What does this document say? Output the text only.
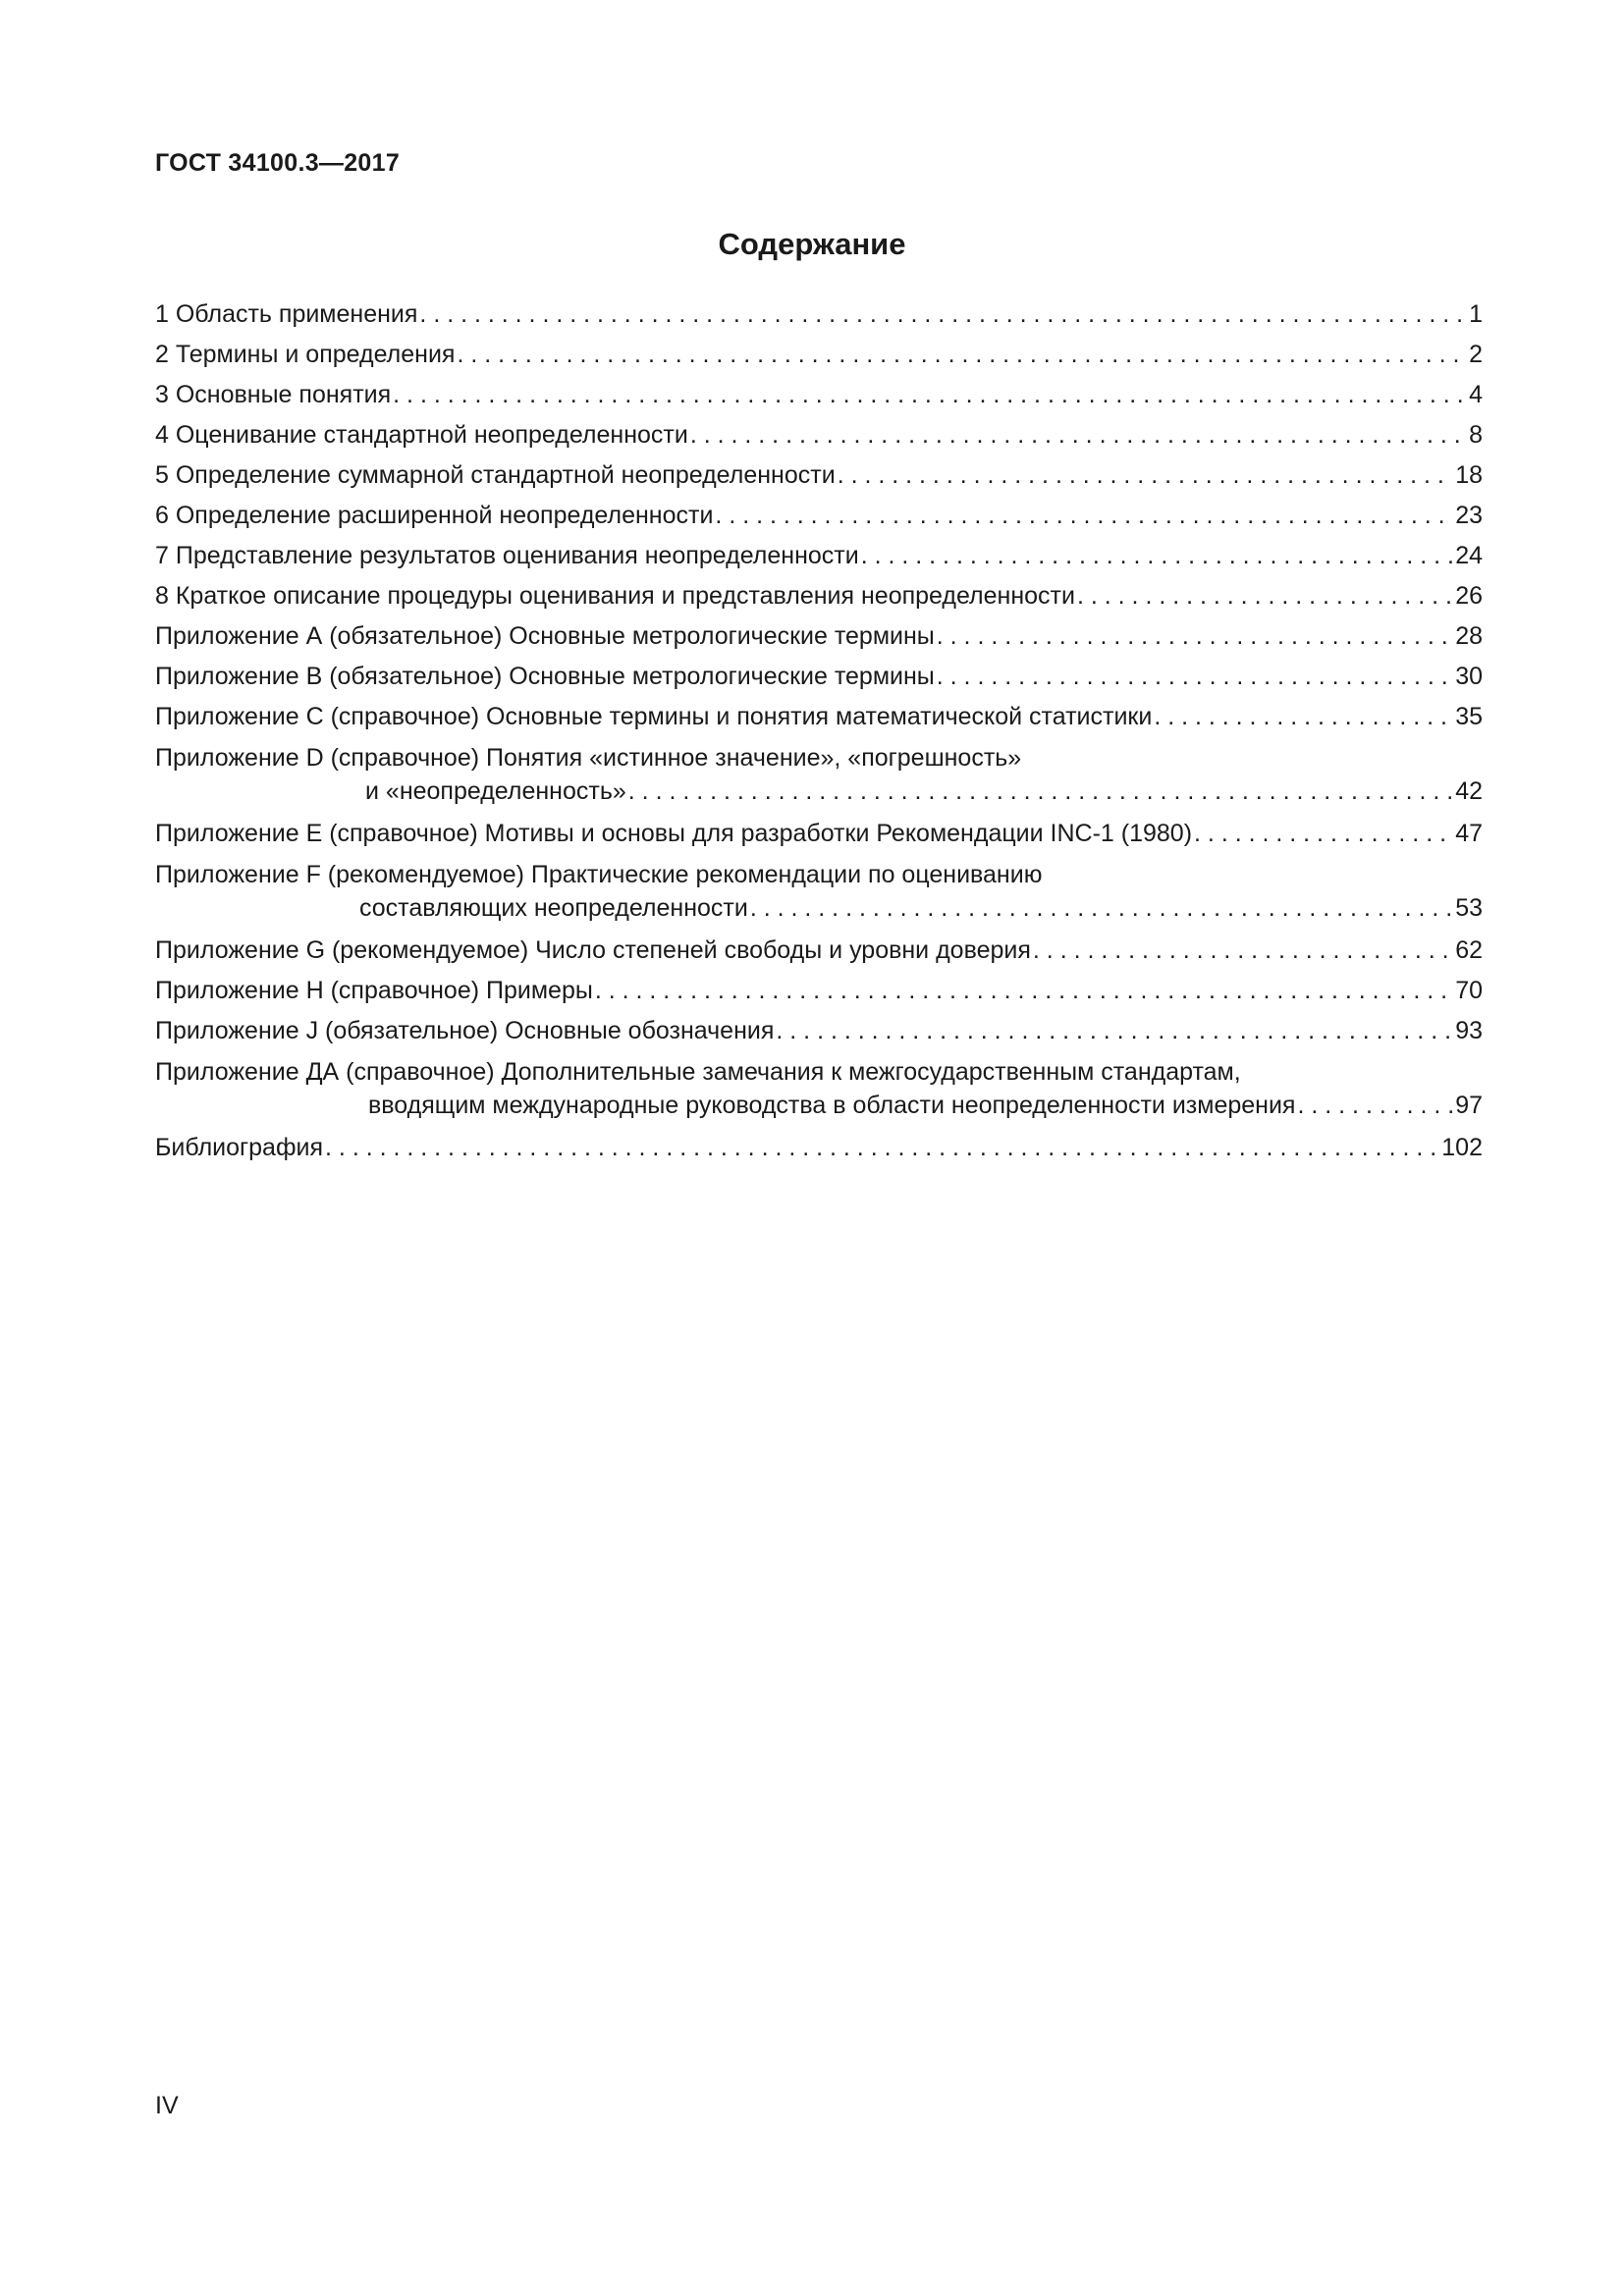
ГОСТ 34100.3—2017
Содержание
1 Область применения . . .	1
2 Термины и определения . . .	2
3 Основные понятия . . .	4
4 Оценивание стандартной неопределенности . . .	8
5 Определение суммарной стандартной неопределенности . . .	18
6 Определение расширенной неопределенности . . .	23
7 Представление результатов оценивания неопределенности . . .	24
8 Краткое описание процедуры оценивания и представления неопределенности . . .	26
Приложение А (обязательное) Основные метрологические термины . . .	28
Приложение В (обязательное) Основные метрологические термины . . .	30
Приложение С (справочное) Основные термины и понятия математической статистики . . .	35
Приложение D (справочное) Понятия «истинное значение», «погрешность»
и «неопределенность» . . .	42
Приложение Е (справочное) Мотивы и основы для разработки Рекомендации INC-1 (1980) . . .	47
Приложение F (рекомендуемое) Практические рекомендации по оцениванию
составляющих неопределенности . . .	53
Приложение G (рекомендуемое) Число степеней свободы и уровни доверия . . .	62
Приложение Н (справочное) Примеры . . .	70
Приложение J (обязательное) Основные обозначения . . .	93
Приложение ДА (справочное) Дополнительные замечания к межгосударственным стандартам,
вводящим международные руководства в области неопределенности измерения . . .	97
Библиография . . .	102
IV
